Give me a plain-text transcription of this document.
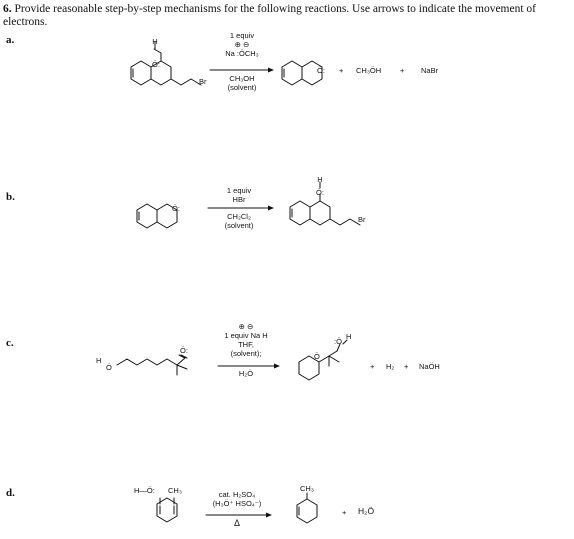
6. Provide reasonable step-by-step mechanisms for the following reactions. Use arrows to indicate the movement of electrons.
a.
b.
c.
d.
H
Ö:
Br
1 equiv
⊕ ⊖
Na :ÖCH₃
CH₃OH
(solvent)
Ö: + CH₃ÖH	+ NaBr
Ö:
1 equiv
HBr
CH₂Cl₂
(solvent)
H
Ö:
Br
H
Ö
Ö:
⊕ ⊖
1 equiv Na H
THF,
(solvent);
H₂Ö
Ö
:Ö
H
+ H₂ + NaÖH
H—Ö: CH₃	cat. H₂SO₄
(H₃Ö⁺ HSO₄⁻)
Δ
CH₃
+ H₂Ö
